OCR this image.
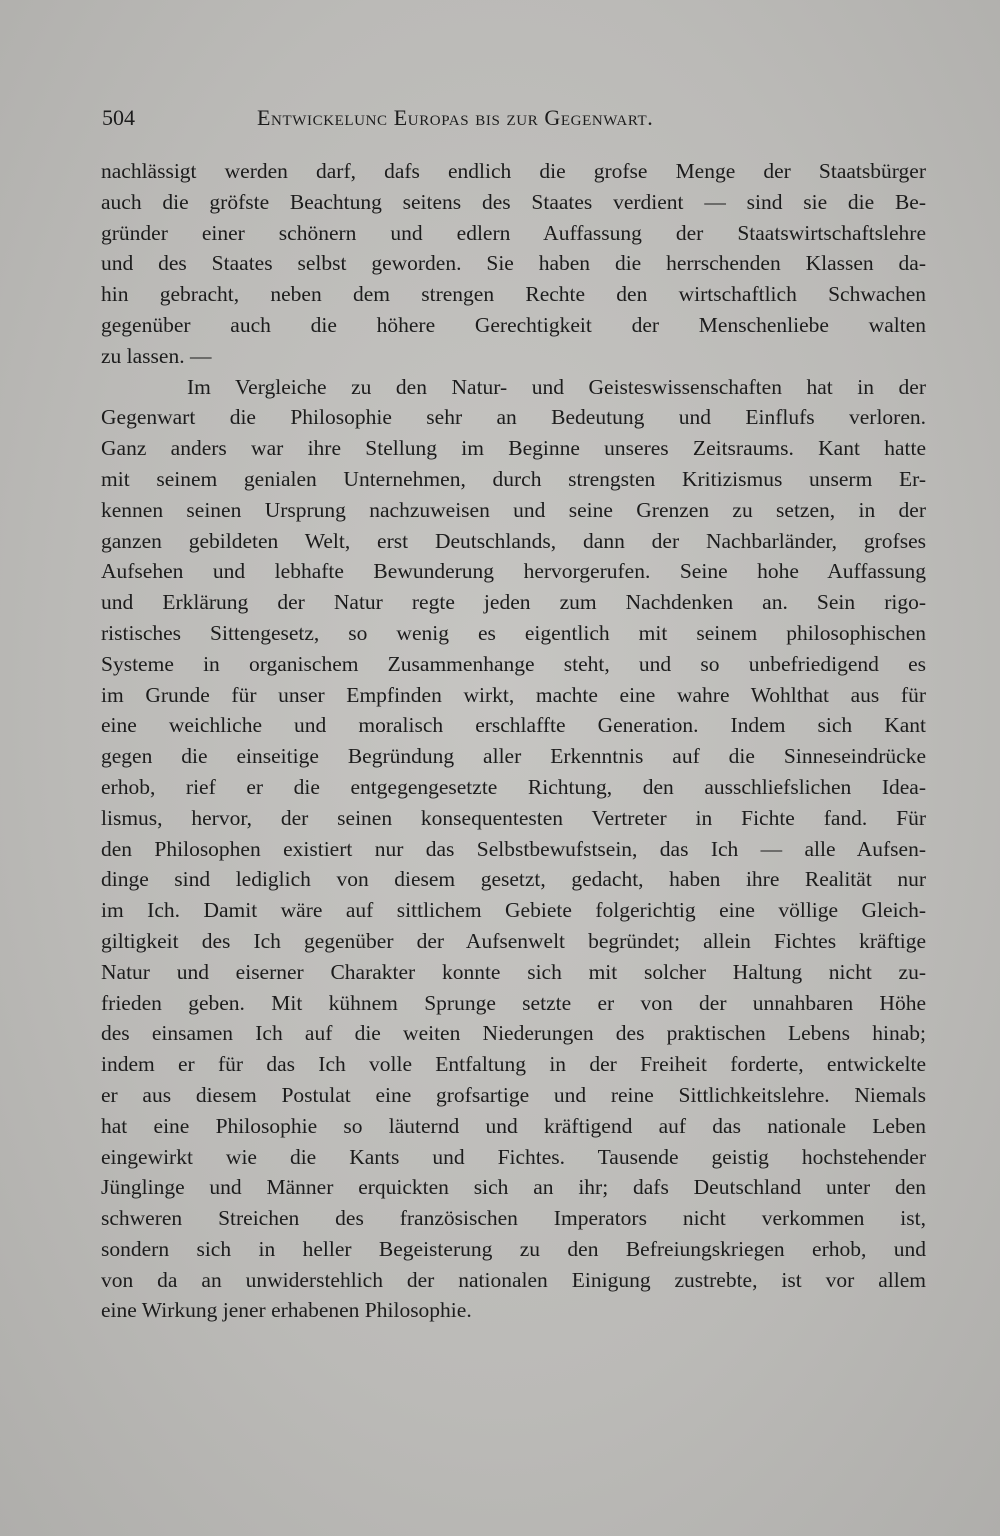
504	Entwickelunc Europas bis zur Gegenwart.
nachlässigt werden darf, dafs endlich die grofse Menge der Staatsbürger
auch die gröfste Beachtung seitens des Staates verdient — sind sie die Be-
gründer einer schönern und edlern Auffassung der Staatswirtschaftslehre
und des Staates selbst geworden. Sie haben die herrschenden Klassen da-
hin gebracht, neben dem strengen Rechte den wirtschaftlich Schwachen
gegenüber auch die höhere Gerechtigkeit der Menschenliebe walten
zu lassen. —
Im Vergleiche zu den Natur- und Geisteswissenschaften hat in der
Gegenwart die Philosophie sehr an Bedeutung und Einflufs verloren.
Ganz anders war ihre Stellung im Beginne unseres Zeitsraums. Kant hatte
mit seinem genialen Unternehmen, durch strengsten Kritizismus unserm Er-
kennen seinen Ursprung nachzuweisen und seine Grenzen zu setzen, in der
ganzen gebildeten Welt, erst Deutschlands, dann der Nachbarländer, grofses
Aufsehen und lebhafte Bewunderung hervorgerufen. Seine hohe Auffassung
und Erklärung der Natur regte jeden zum Nachdenken an. Sein rigo-
ristisches Sittengesetz, so wenig es eigentlich mit seinem philosophischen
Systeme in organischem Zusammenhange steht, und so unbefriedigend es
im Grunde für unser Empfinden wirkt, machte eine wahre Wohlthat aus für
eine weichliche und moralisch erschlaffte Generation. Indem sich Kant
gegen die einseitige Begründung aller Erkenntnis auf die Sinneseindrücke
erhob, rief er die entgegengesetzte Richtung, den ausschliefslichen Idea-
lismus, hervor, der seinen konsequentesten Vertreter in Fichte fand. Für
den Philosophen existiert nur das Selbstbewufstsein, das Ich — alle Aufsen-
dinge sind lediglich von diesem gesetzt, gedacht, haben ihre Realität nur
im Ich. Damit wäre auf sittlichem Gebiete folgerichtig eine völlige Gleich-
giltigkeit des Ich gegenüber der Aufsenwelt begründet; allein Fichtes kräftige
Natur und eiserner Charakter konnte sich mit solcher Haltung nicht zu-
frieden geben. Mit kühnem Sprunge setzte er von der unnahbaren Höhe
des einsamen Ich auf die weiten Niederungen des praktischen Lebens hinab;
indem er für das Ich volle Entfaltung in der Freiheit forderte, entwickelte
er aus diesem Postulat eine grofsartige und reine Sittlichkeitslehre. Niemals
hat eine Philosophie so läuternd und kräftigend auf das nationale Leben
eingewirkt wie die Kants und Fichtes. Tausende geistig hochstehender
Jünglinge und Männer erquickten sich an ihr; dafs Deutschland unter den
schweren Streichen des französischen Imperators nicht verkommen ist,
sondern sich in heller Begeisterung zu den Befreiungskriegen erhob, und
von da an unwiderstehlich der nationalen Einigung zustrebte, ist vor allem
eine Wirkung jener erhabenen Philosophie.
